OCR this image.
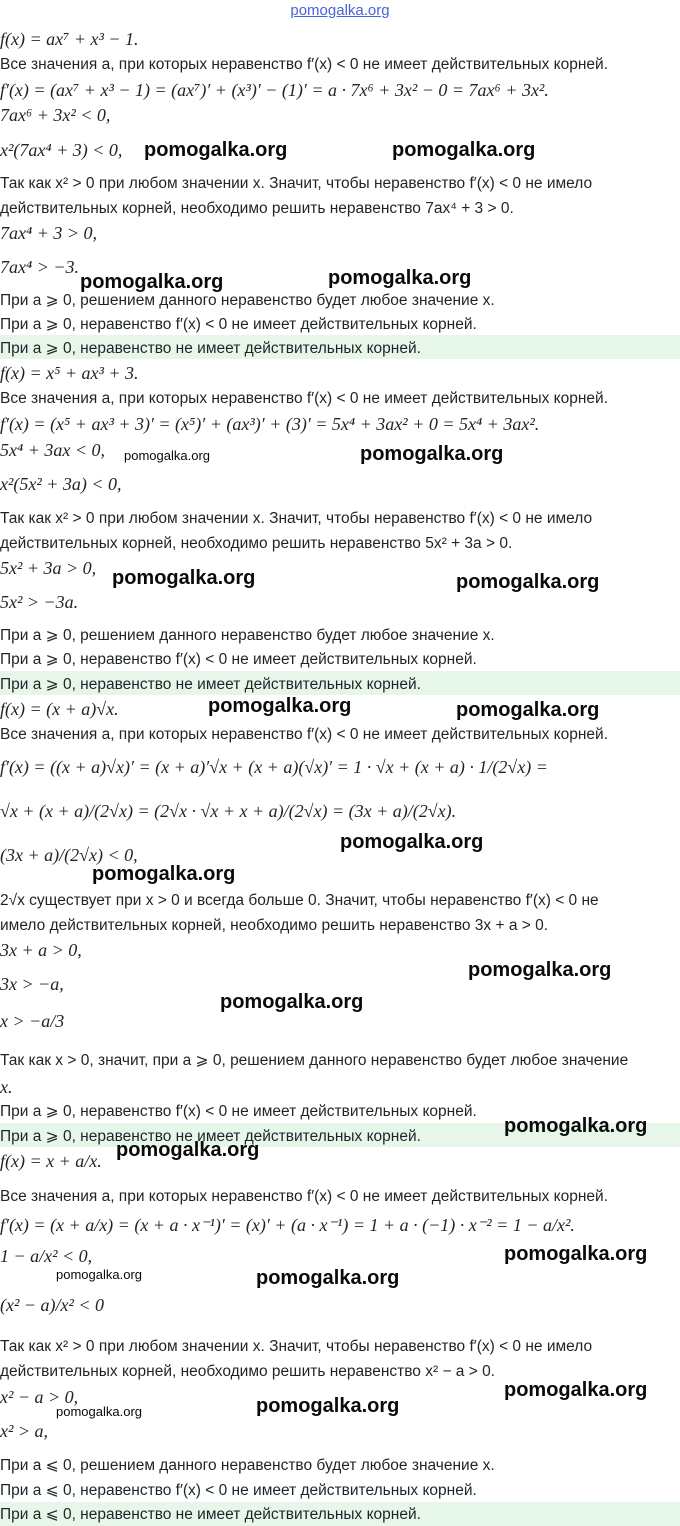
pomogalka.org
f(x) = ax⁷ + x³ − 1.
Все значения a, при которых неравенство f′(x) < 0 не имеет действительных корней.
f′(x) = (ax⁷ + x³ − 1) = (ax⁷)′ + (x³)′ − (1)′ = a · 7x⁶ + 3x² − 0 = 7ax⁶ + 3x².
7ax⁶ + 3x² < 0,
x²(7ax⁴ + 3) < 0,
Так как x² > 0 при любом значении x. Значит, чтобы неравенство f′(x) < 0 не имело
действительных корней, необходимо решить неравенство 7ax⁴ + 3 > 0.
7ax⁴ + 3 > 0,
7ax⁴ > −3.
При a ⩾ 0, решением данного неравенство будет любое значение x.
При a ⩾ 0, неравенство f′(x) < 0 не имеет действительных корней.
При a ⩾ 0, неравенство не имеет действительных корней.
f(x) = x⁵ + ax³ + 3.
Все значения a, при которых неравенство f′(x) < 0 не имеет действительных корней.
f′(x) = (x⁵ + ax³ + 3)′ = (x⁵)′ + (ax³)′ + (3)′ = 5x⁴ + 3ax² + 0 = 5x⁴ + 3ax².
5x⁴ + 3ax < 0,
x²(5x² + 3a) < 0,
Так как x² > 0 при любом значении x. Значит, чтобы неравенство f′(x) < 0 не имело
действительных корней, необходимо решить неравенство 5x² + 3a > 0.
5x² + 3a > 0,
5x² > −3a.
При a ⩾ 0, решением данного неравенство будет любое значение x.
При a ⩾ 0, неравенство f′(x) < 0 не имеет действительных корней.
При a ⩾ 0, неравенство не имеет действительных корней.
f(x) = (x + a)√x.
Все значения a, при которых неравенство f′(x) < 0 не имеет действительных корней.
f′(x) = ((x + a)√x)′ = (x + a)′√x + (x + a)(√x)′ = 1 · √x + (x + a) · 1/(2√x) =
√x + (x + a)/(2√x) = (2√x · √x + x + a)/(2√x) = (3x + a)/(2√x).
(3x + a)/(2√x) < 0,
2√x существует при x > 0 и всегда больше 0. Значит, чтобы неравенство f′(x) < 0 не
имело действительных корней, необходимо решить неравенство 3x + a > 0.
3x + a > 0,
3x > −a,
x > −a/3
Так как x > 0, значит, при a ⩾ 0, решением данного неравенство будет любое значение
x.
При a ⩾ 0, неравенство f′(x) < 0 не имеет действительных корней.
При a ⩾ 0, неравенство не имеет действительных корней.
f(x) = x + a/x.
Все значения a, при которых неравенство f′(x) < 0 не имеет действительных корней.
f′(x) = (x + a/x) = (x + a · x⁻¹)′ = (x)′ + (a · x⁻¹) = 1 + a · (−1) · x⁻² = 1 − a/x².
1 − a/x² < 0,
(x² − a)/x² < 0
Так как x² > 0 при любом значении x. Значит, чтобы неравенство f′(x) < 0 не имело
действительных корней, необходимо решить неравенство x² − a > 0.
x² − a > 0,
x² > a,
При a ⩽ 0, решением данного неравенство будет любое значение x.
При a ⩽ 0, неравенство f′(x) < 0 не имеет действительных корней.
При a ⩽ 0, неравенство не имеет действительных корней.
pomogalka.org	pomogalka.org
pomogalka.org	pomogalka.org
pomogalka.org	pomogalka.org
pomogalka.org	pomogalka.org
pomogalka.org	pomogalka.org
pomogalka.org
pomogalka.org
pomogalka.org
pomogalka.org
pomogalka.org
pomogalka.org
pomogalka.org
pomogalka.org	pomogalka.org
pomogalka.org
pomogalka.org	pomogalka.org
